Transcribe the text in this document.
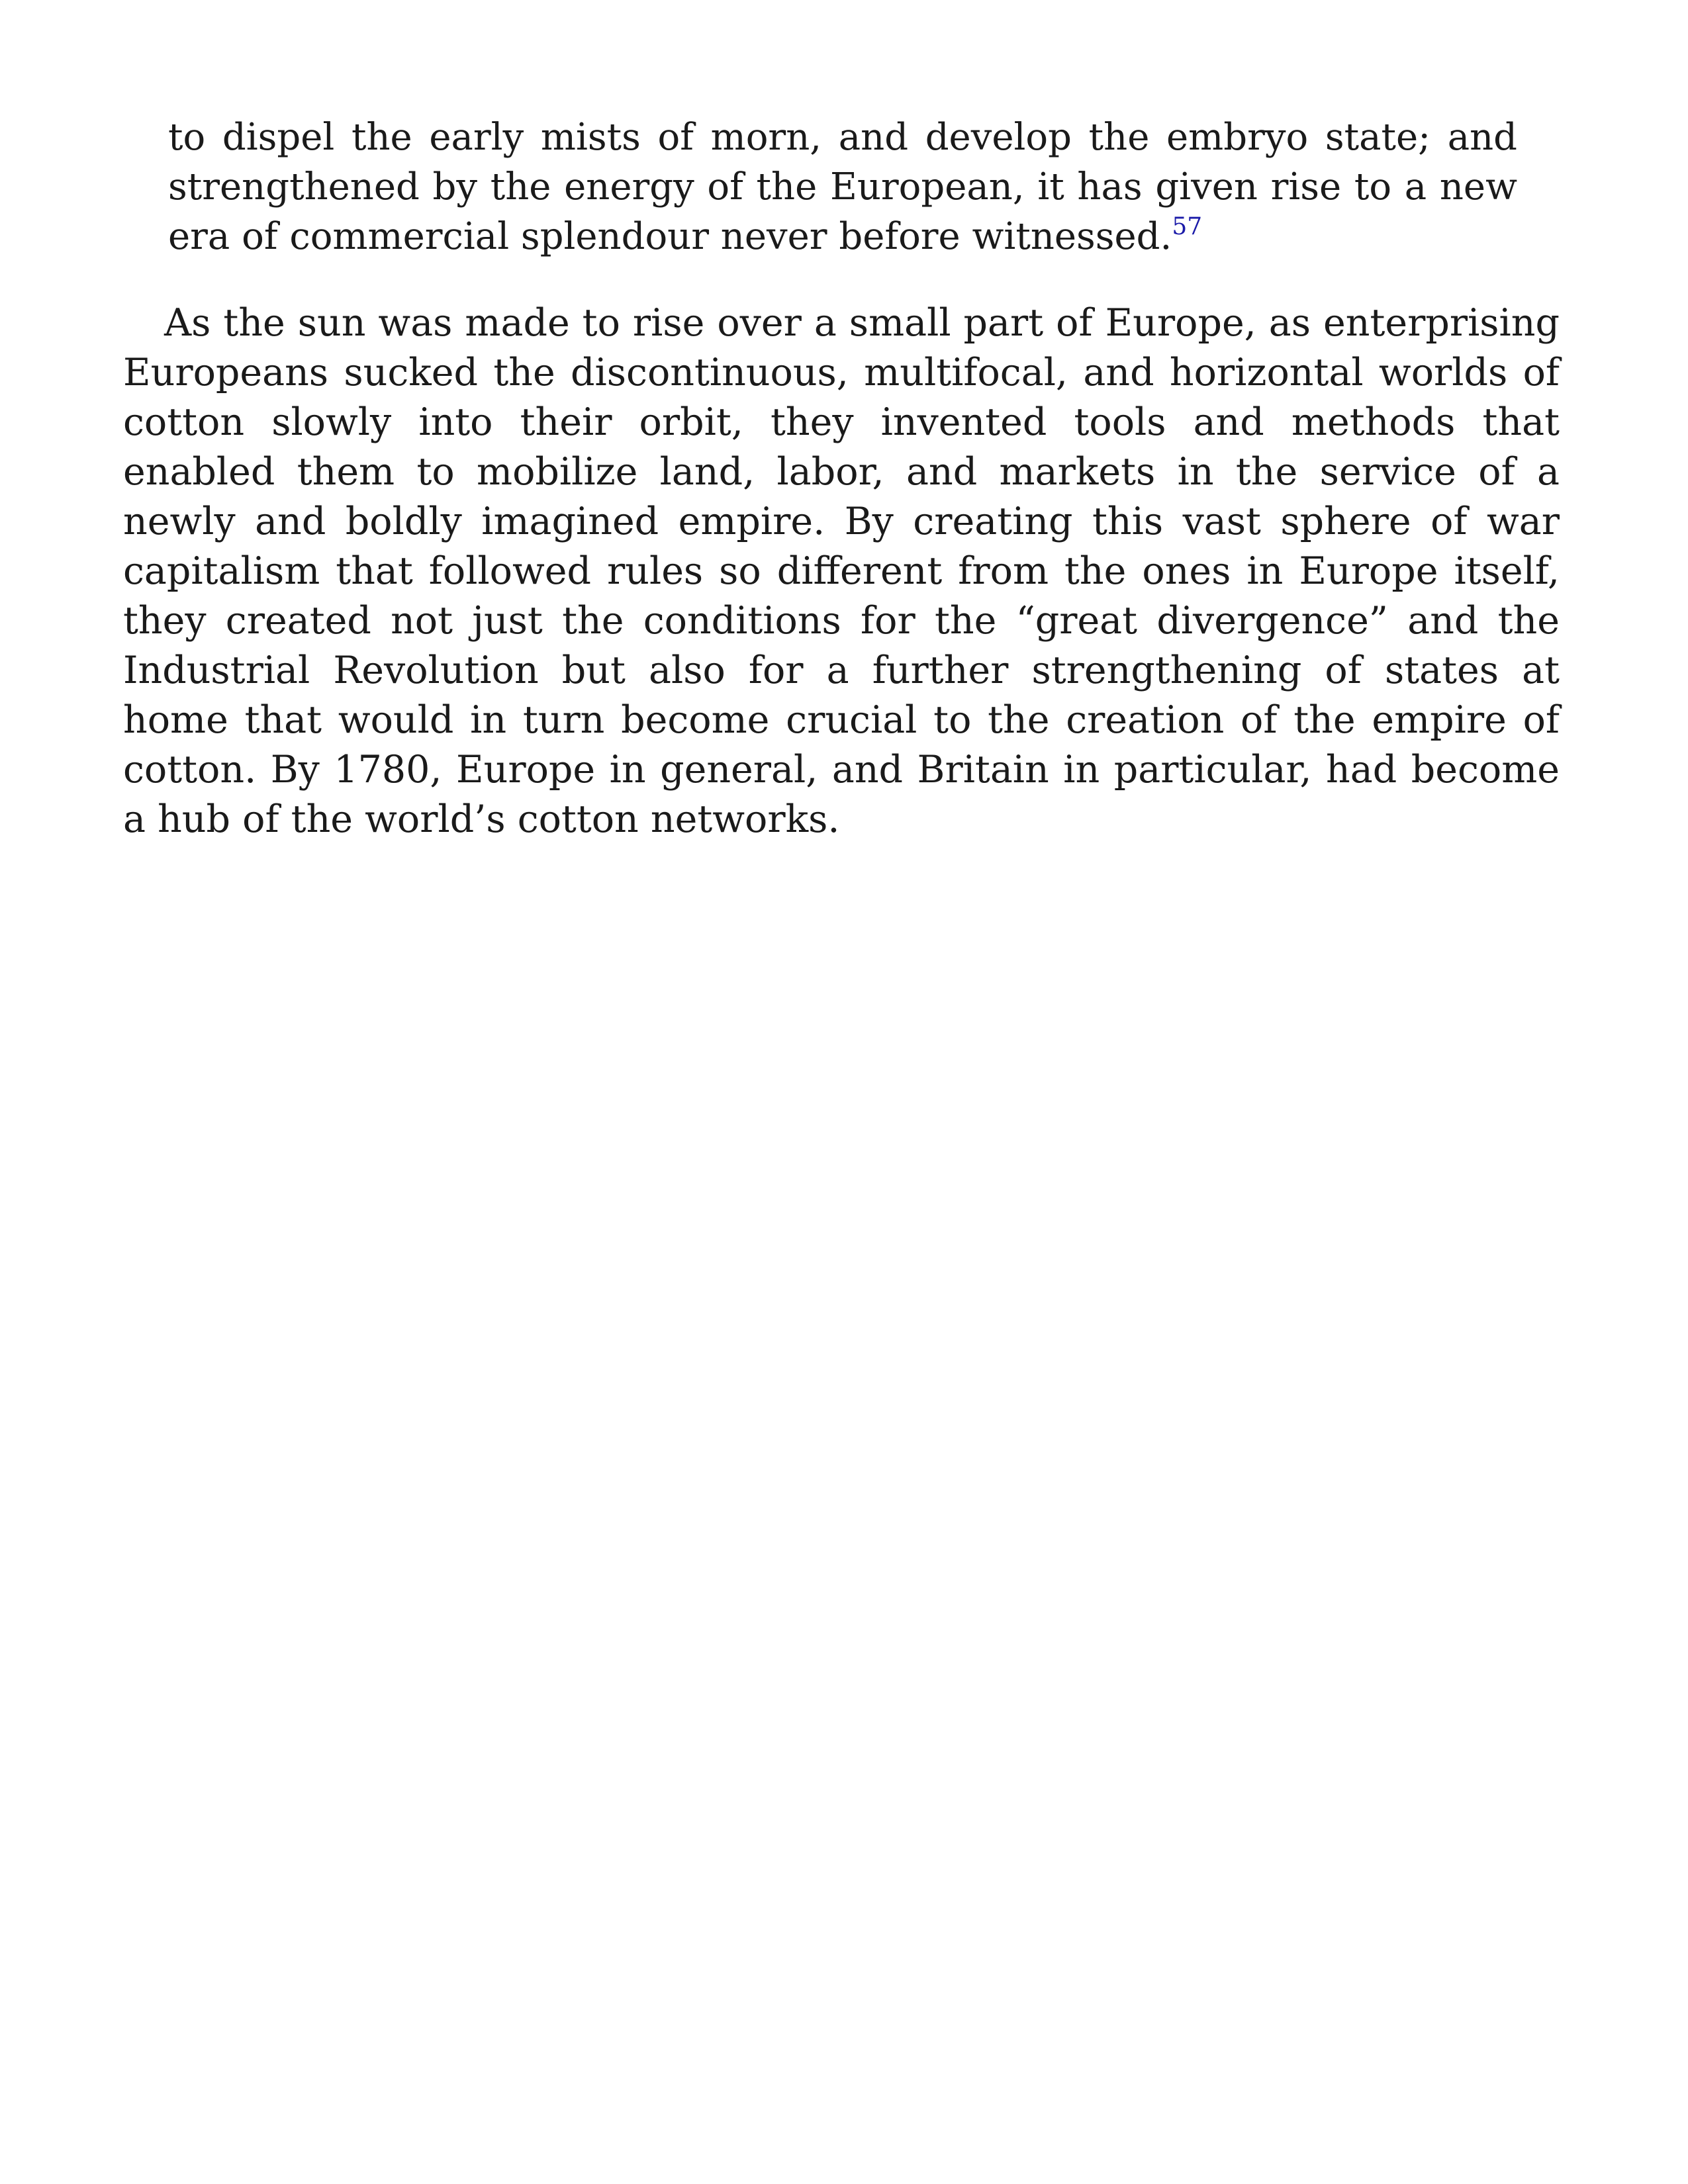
to dispel the early mists of morn, and develop the embryo state; and strengthened by the energy of the European, it has given rise to a new era of commercial splendour never before witnessed.$^{57}$

As the sun was made to rise over a small part of Europe, as enterprising Europeans sucked the discontinuous, multifocal, and horizontal worlds of cotton slowly into their orbit, they invented tools and methods that enabled them to mobilize land, labor, and markets in the service of a newly and boldly imagined empire. By creating this vast sphere of war capitalism that followed rules so different from the ones in Europe itself, they created not just the conditions for the “great divergence” and the Industrial Revolution but also for a further strengthening of states at home that would in turn become crucial to the creation of the empire of cotton. By 1780, Europe in general, and Britain in particular, had become a hub of the world’s cotton networks.
